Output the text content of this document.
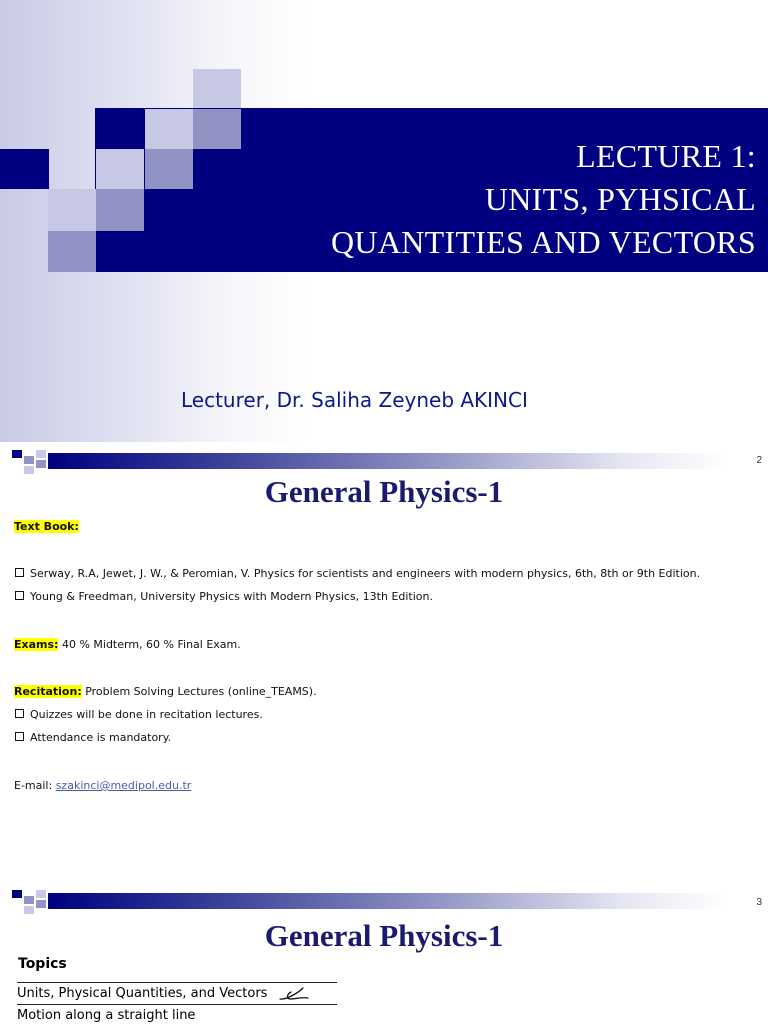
LECTURE 1:
UNITS, PYHSICAL
QUANTITIES AND VECTORS
Lecturer, Dr. Saliha Zeyneb AKINCI
2
General Physics-1
Text Book:
Serway, R.A, Jewet, J. W., & Peromian, V. Physics for scientists and engineers with modern physics, 6th, 8th or 9th Edition.
Young & Freedman, University Physics with Modern Physics, 13th Edition.
Exams: 40 % Midterm, 60 % Final Exam.
Recitation: Problem Solving Lectures (online_TEAMS).
Quizzes will be done in recitation lectures.
Attendance is mandatory.
E-mail: szakinci@medipol.edu.tr
3
General Physics-1
Topics
Units, Physical Quantities, and Vectors
Motion along a straight line
